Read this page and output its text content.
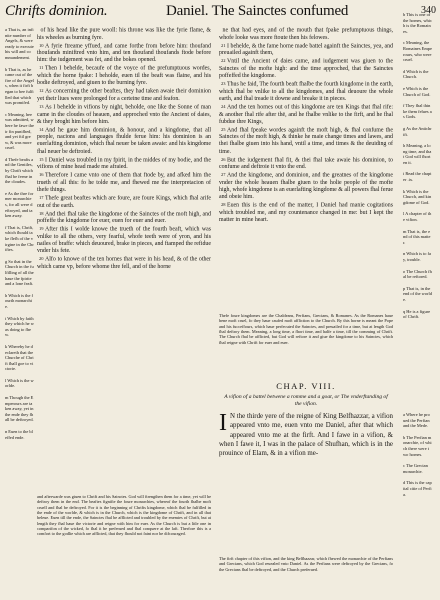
Chrifts dominion.	Daniel. The Sainctes confumed	340

a That is, an infinite number of Angels, & were ready to execute his will and commandement.

b That is, as he came out of the fire of the Angels, when it firft began to bee fulfilled that which was promifed.

c Meaning, hee was admitted, where he fawe their fin punifhed, and yet ftil grew, & was more cruel.

d Thefe beafts and the Gentiles, by Chrift which fhal be feene in the cloudes.

e As the thre former monarchies, for all were deftroyed, and taken away.

f That is, Chrift, which fhould take flefh of the virgine in the Chriftes.

g So that in the Church in the fulfilling of all the haue the fpirite and a lone feaft.

h Which is the fourth monarchie.

i Which by faith they which he was doing to fhew.

k Whereby he declareth that the Churche of Chrift fhall goe to victorie.

l Which is the worlde.

m Though the Emperours are taken away, yet in the ende they fhall be deftroyed.

n Euen to the bleffed ende.

of his head like the pure wooll: his throne was like the fyrie flame, & his wheeles as burning fyre.

10 A fyrie ftreame yffued, and came forthe from before him: thoufand thoufands miniftred vnto him, and ten thoufand thoufands ftode before him: the iudgement was fet, and the bokes opened.

11 Then I behelde, becaufe of the voyce of the prefumptuous wordes, which the horne fpake: I beholde, euen til the beaft was flaine, and his bodie deftroyed, and giuen to the burning fyre.

12 As concerning the other beaftes, they had taken awaie their dominion yet their liues were prolonged for a certeine time and feafon.

13 As I behelde in vifions by night, beholde, one like the Sonne of man came in the cloudes of heauen, and approched vnto the Ancient of daies, & they broght him before him.

14 And he gaue him dominion, & honour, and a kingdome, that all people, nacions and languages fhulde ferue him: his dominion is an euerlafting dominion, which fhal neuer be taken awaie: and his kingdome fhal neuer be deftroied.

15 I Daniel was troubled in my fpirit, in the middes of my bodie, and the vifions of mine head made me afraied.

16 Therefore I came vnto one of them that ftode by, and afked him the trueth of all this: fo he tolde me, and fhewed me the interpretacion of thefe things.

17 Thefe great beaftes which are foure, are foure Kings, which fhal arife out of the earth.

18 And thei fhal take the kingdome of the Sainctes of the moft high, and poffeffe the kingdome for euer, euen for euer and euer.

19 After this I wolde knowe the trueth of the fourth beaft, which was vnlike to all the others, very fearful, whofe teeth were of yron, and his nailes of braffe: which deuoured, brake in pieces, and ftamped the refidue vnder his fete.

20 Alfo to knowe of the ten hornes that were in his head, & of the other which came vp, before whome thre fell, and of the horne

and afterwarde was giuen to Chrift and his Sainctes. God will ftrengthen them for a time, yet will he deftroy them in the end. The beaftes fignifie the foure monarchies, whereof the fourth fhalbe moft cruell and fhal be deftroyed. For it is the beginning of Chrifts kingdome, which fhal be fulfilled in the ende of the worlde, & which is in the Church, which is the kingdome of Chrift, and in all that beleue. Euen till the ende, the Sainctes fhal be afflicted and troubled by the enemies of Chrift, but at length they fhal haue the victorie and reigne with him for euer. As the Church is but a litle one in comparifon of the wicked, fo fhal it be preferued and fhal conquere at the laft. Therfore this is a comfort to the godlie which are afflicted, that they fhould not faint nor be difcouraged.

ne that had eyes, and of the mouth that fpake prefumptuous things, whofe looke was more ftoute then his felowes.

21 I behelde, & the fame horne made battel againft the Sainctes, yea, and preuailed againft them,

22 Vntil the Ancient of daies came, and iudgement was giuen to the Sainctes of the mofte high: and the time approched, that the Sainctes poffeffed the kingdome.

23 Thus he faid, The fourth beaft fhalbe the fourth kingdome in the earth, which fhal be vnlike to all the kingdomes, and fhal deuoure the whole earth, and fhal treade it downe and breake it in pieces.

24 And the ten hornes out of this kingdome are ten Kings that fhal rife: & another fhal rife after thē, and he fhalbe vnlike to the firft, and he fhal fubdue thre Kings,

25 And fhal fpeake wordes againft the moft high, & fhal confume the Sainctes of the moft high, & thinke he maie change times and lawes, and thei fhalbe giuen into his hand, vntil a time, and times & the deuiding of time.

26 But the iudgement fhal fit, & thei fhal take awaie his dominion, to confume and deftroie it vnto the end.

27 And the kingdome, and dominion, and the greatnes of the kingdome vnder the whole heauen fhalbe giuen to the holie people of the mofte high, whofe kingdome is an euerlafting kingdome & all powers fhal ferue and obeie him.

28 Euen this is the end of the matter, I Daniel had manie cogitations which troubled me, and my countenance changed in me: but I kept the matter in mine heart.

Thefe foure kingdomes are the Chaldeans, Perfians, Grecians, & Romanes. As the Romanes haue bene moft cruel, fo they haue caufed moft affliction to the Church. By this horne is meant the Pope and his fucceffours, which haue perfecuted the Sainctes, and preuailed for a time, but at length God fhal deftroy them. Meaning, a long time, a fhort time, and halfe a time, till the comming of Chrift. The Church fhal be afflicted, but God will reftore it and giue the kingdome to his Sainctes, which fhal reigne with Chrift for euer and euer.

b This is one of the hornes, which is the Romaines.

c Meaning, the Romaines Emperours, who were cruel.

d Which is the Church.

e Which is the Church of God.

f They fhal thinke them felues as Gods.

g As the Antichrift.

h Meaning, a long time, and that God will fhorten it.

i Read the chapter .ix.

k Which is the Church, and kingdome of God.

l A chapter of the vifion.

m That is, the end of this matter.

n Which is to fay, trouble.

o The Church fhal be reftored.

p That is, in the end of the worlde.

q He is a figure of Chrift.

CHAP. VIII.
A vifion of a battel betwene a romme and a goat, or The vnderftanding of the vifion.
I N the thirde yere of the reigne of King Belfhazzar, a vifion appeared vnto me, euen vnto me Daniel, after that which appeared vnto me at the firft. And I fawe in a vifion, & when I fawe it, I was in the palace of Shufhan, which is in the prouince of Elam, & in a vifion me-
The firft chapter of this vifion, and the king Belfhazzar, which fhewed the monarchie of the Perfians and Grecians, which God reuealed vnto Daniel. As the Perfians were deftroyed by the Grecians, fo the Grecians fhal be deftroyed, and the Church preferued.

a Where he proued the Perfian and the Mede.

b The Perfian monarchie, of which there were two hornes.

c The Grecian monarchie.

d This is the capital citie of Perfia.
